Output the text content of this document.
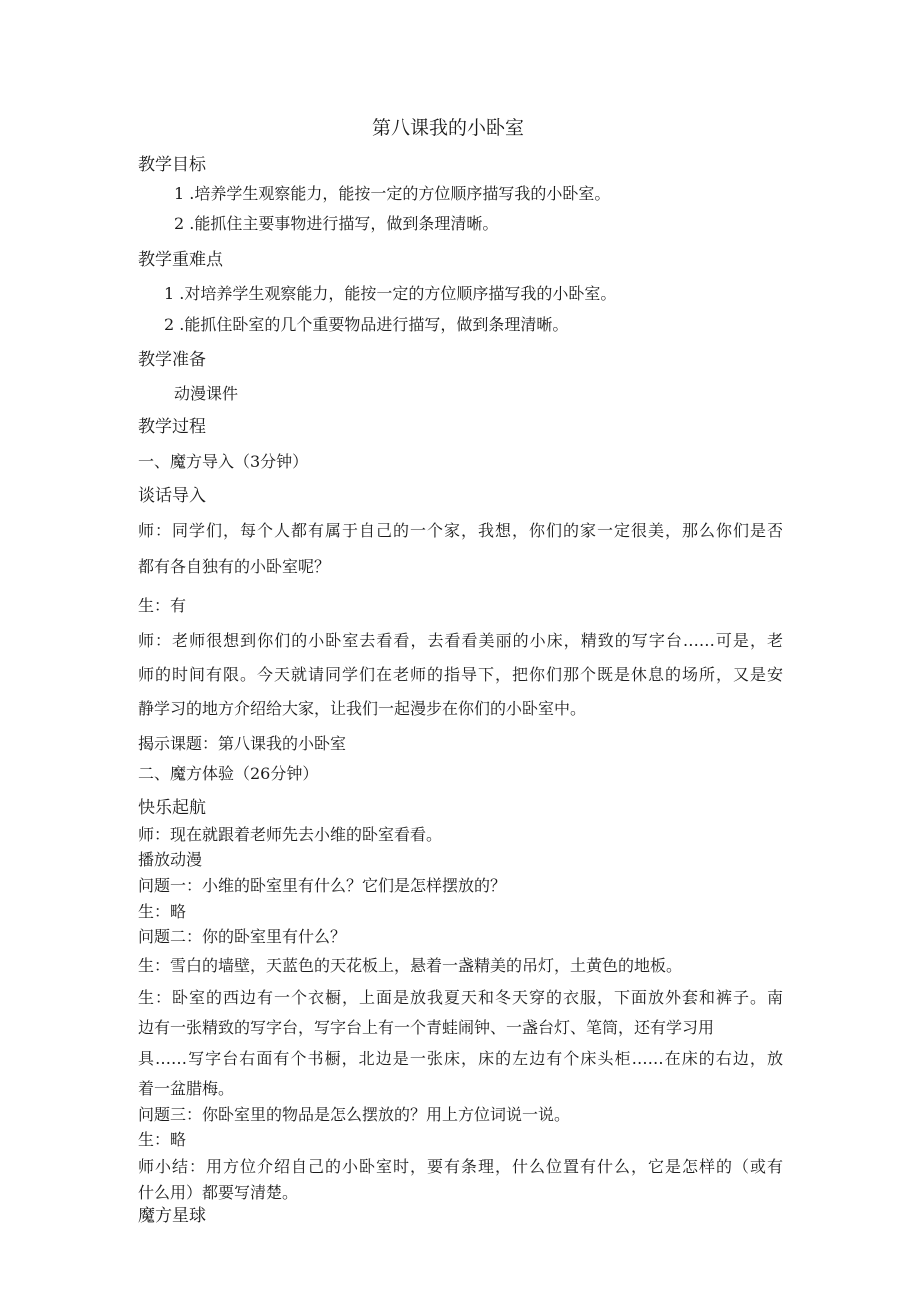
第八课我的小卧室
教学目标
1 .培养学生观察能力，能按一定的方位顺序描写我的小卧室。
2 .能抓住主要事物进行描写，做到条理清晰。
教学重难点
1 .对培养学生观察能力，能按一定的方位顺序描写我的小卧室。
2 .能抓住卧室的几个重要物品进行描写，做到条理清晰。
教学准备
动漫课件
教学过程
一、魔方导入（3分钟）
谈话导入
师：同学们，每个人都有属于自己的一个家，我想，你们的家一定很美，那么你们是否
都有各自独有的小卧室呢？
生：有
师：老师很想到你们的小卧室去看看，去看看美丽的小床，精致的写字台……可是，老
师的时间有限。今天就请同学们在老师的指导下，把你们那个既是休息的场所，又是安
静学习的地方介绍给大家，让我们一起漫步在你们的小卧室中。
揭示课题：第八课我的小卧室
二、魔方体验（26分钟）
快乐起航
师：现在就跟着老师先去小维的卧室看看。
播放动漫
问题一：小维的卧室里有什么？它们是怎样摆放的？
生：略
问题二：你的卧室里有什么？
生：雪白的墙壁，天蓝色的天花板上，悬着一盏精美的吊灯，土黄色的地板。
生：卧室的西边有一个衣橱，上面是放我夏天和冬天穿的衣服，下面放外套和裤子。南
边有一张精致的写字台，写字台上有一个青蛙闹钟、一盏台灯、笔筒，还有学习用
具……写字台右面有个书橱，北边是一张床，床的左边有个床头柜……在床的右边，放
着一盆腊梅。
问题三：你卧室里的物品是怎么摆放的？用上方位词说一说。
生：略
师小结：用方位介绍自己的小卧室时，要有条理，什么位置有什么，它是怎样的（或有
什么用）都要写清楚。
魔方星球
